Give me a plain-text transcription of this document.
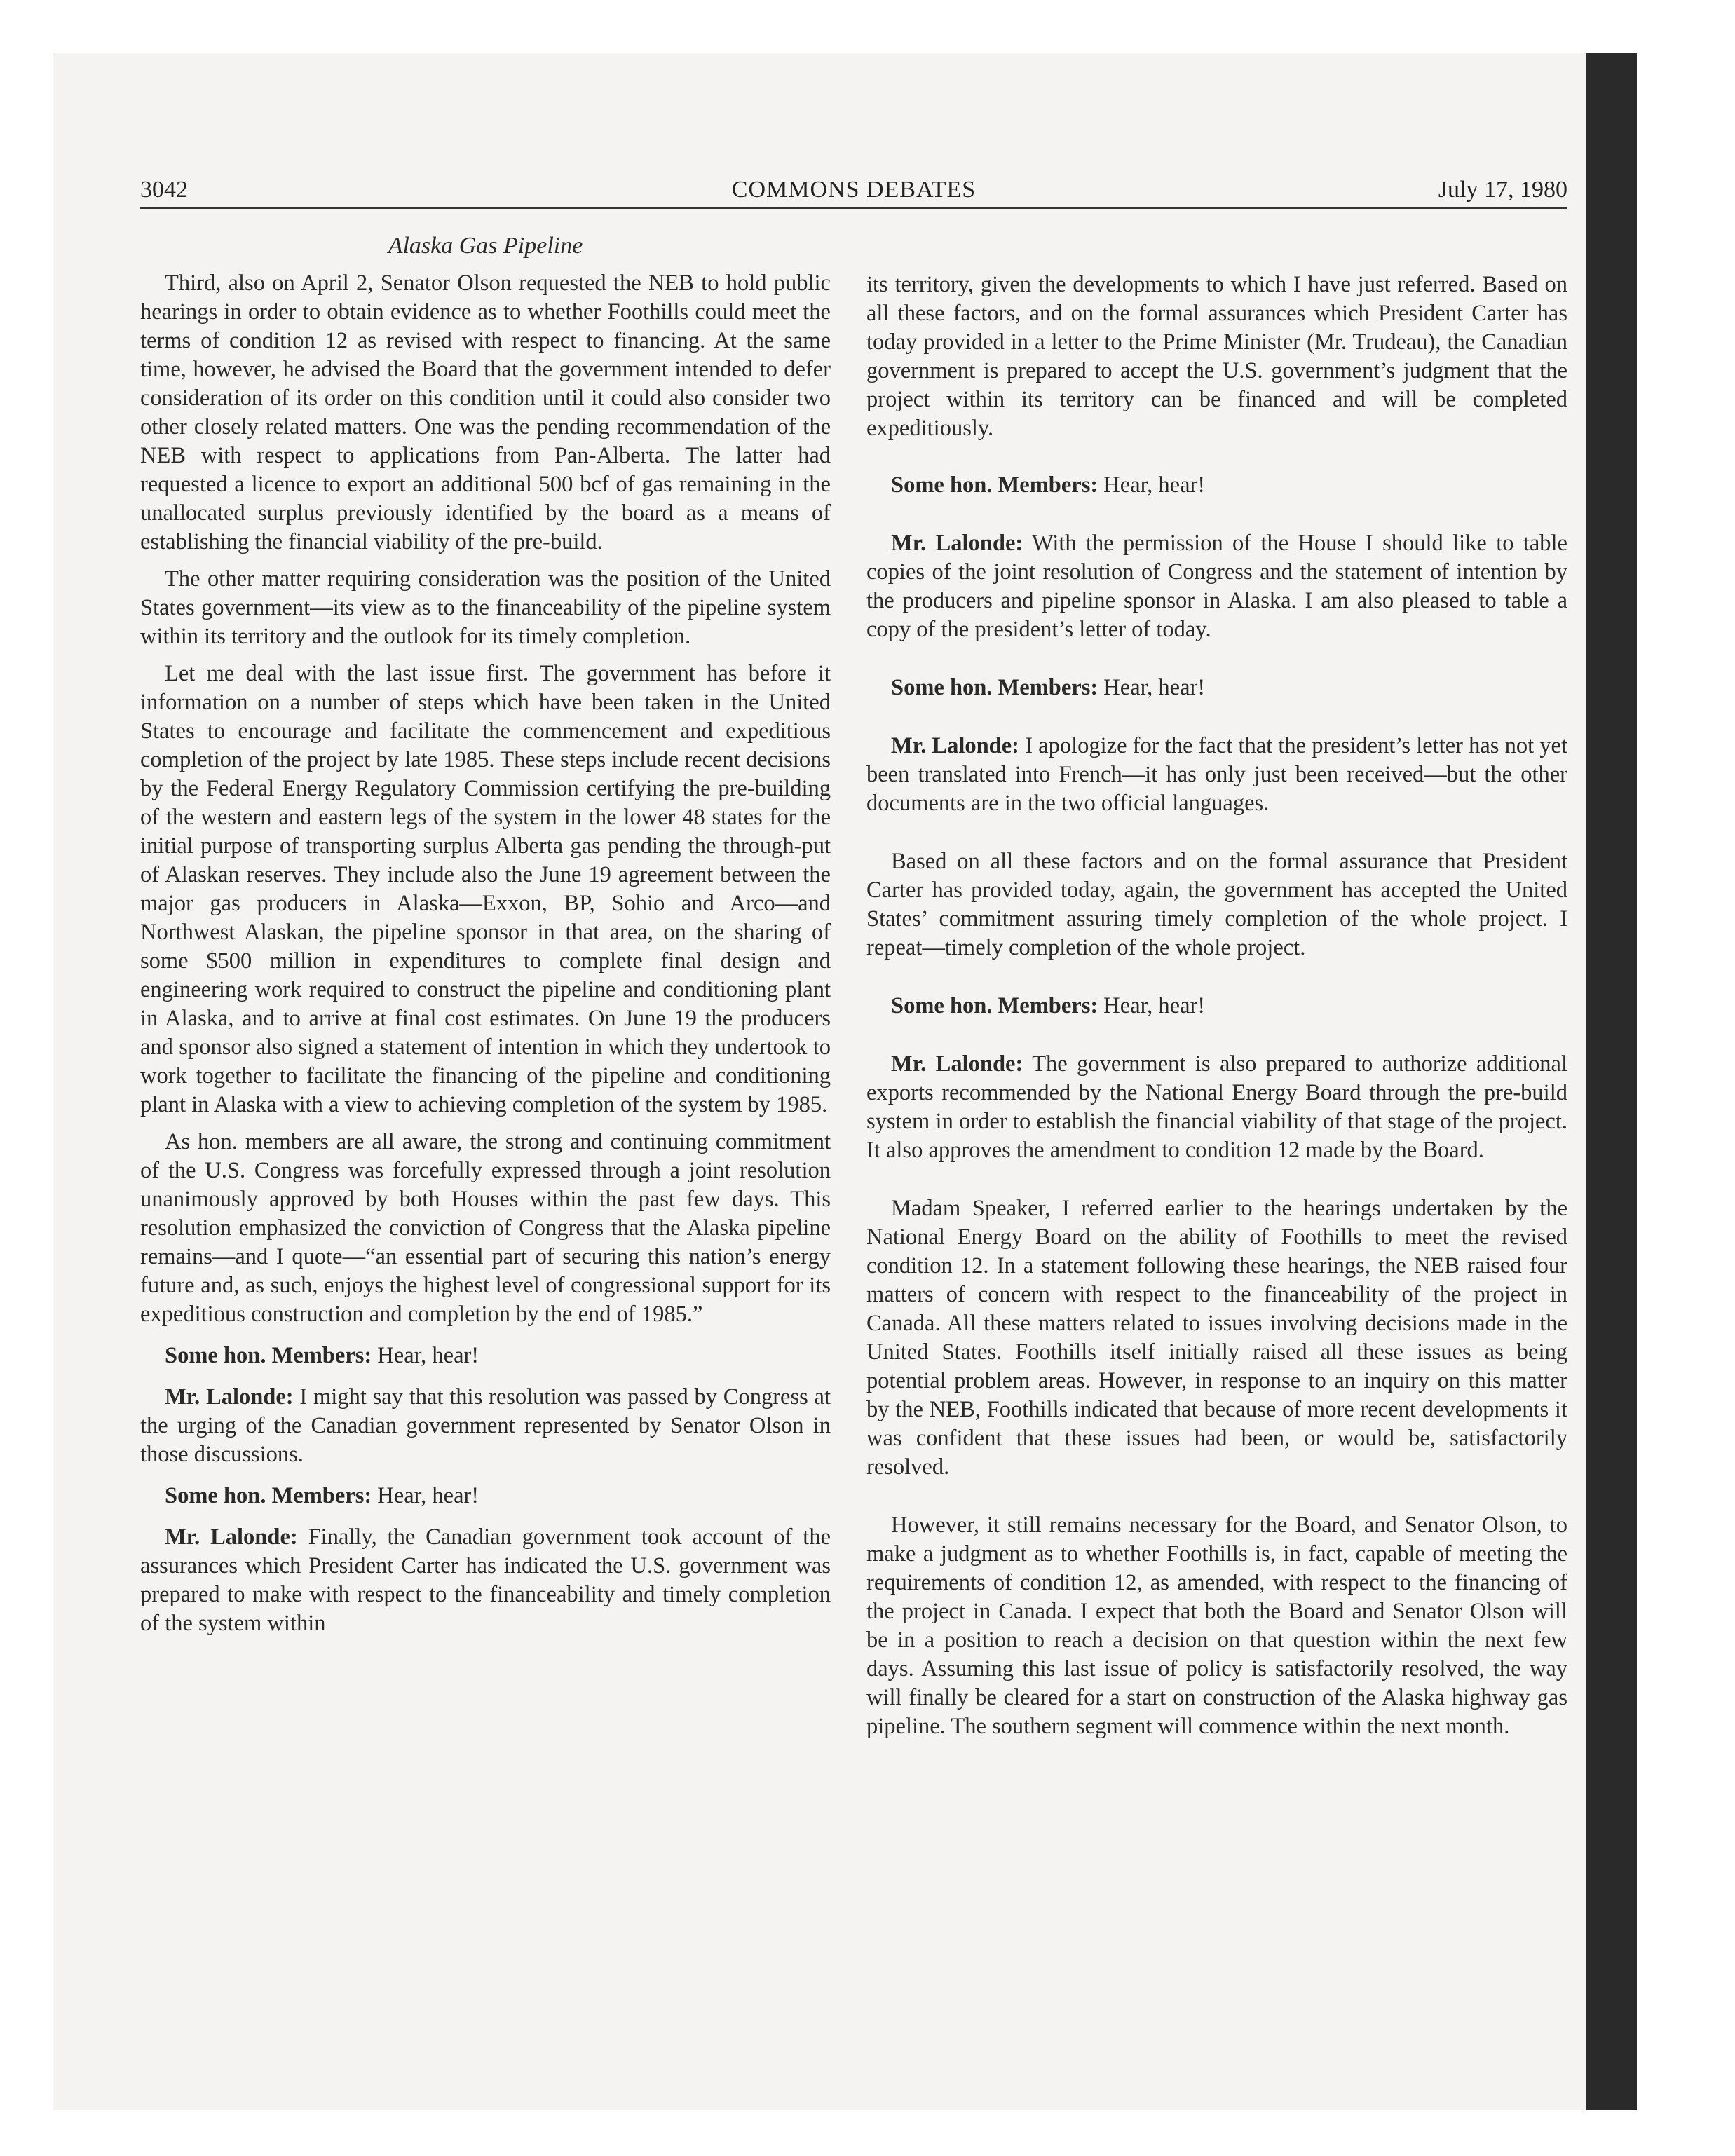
3042	COMMONS DEBATES	July 17, 1980
Alaska Gas Pipeline

Third, also on April 2, Senator Olson requested the NEB to hold public hearings in order to obtain evidence as to whether Foothills could meet the terms of condition 12 as revised with respect to financing. At the same time, however, he advised the Board that the government intended to defer consideration of its order on this condition until it could also consider two other closely related matters. One was the pending recommendation of the NEB with respect to applications from Pan-Alberta. The latter had requested a licence to export an additional 500 bcf of gas remaining in the unallocated surplus previously identified by the board as a means of establishing the financial viability of the pre-build.

The other matter requiring consideration was the position of the United States government—its view as to the financeability of the pipeline system within its territory and the outlook for its timely completion.

Let me deal with the last issue first. The government has before it information on a number of steps which have been taken in the United States to encourage and facilitate the commencement and expeditious completion of the project by late 1985. These steps include recent decisions by the Federal Energy Regulatory Commission certifying the pre-building of the western and eastern legs of the system in the lower 48 states for the initial purpose of transporting surplus Alberta gas pending the through-put of Alaskan reserves. They include also the June 19 agreement between the major gas producers in Alaska—Exxon, BP, Sohio and Arco—and Northwest Alaskan, the pipeline sponsor in that area, on the sharing of some $500 million in expenditures to complete final design and engineering work required to construct the pipeline and conditioning plant in Alaska, and to arrive at final cost estimates. On June 19 the producers and sponsor also signed a statement of intention in which they undertook to work together to facilitate the financing of the pipeline and conditioning plant in Alaska with a view to achieving completion of the system by 1985.

As hon. members are all aware, the strong and continuing commitment of the U.S. Congress was forcefully expressed through a joint resolution unanimously approved by both Houses within the past few days. This resolution emphasized the conviction of Congress that the Alaska pipeline remains—and I quote—“an essential part of securing this nation’s energy future and, as such, enjoys the highest level of congressional support for its expeditious construction and completion by the end of 1985.”

Some hon. Members: Hear, hear!

Mr. Lalonde: I might say that this resolution was passed by Congress at the urging of the Canadian government represented by Senator Olson in those discussions.

Some hon. Members: Hear, hear!

Mr. Lalonde: Finally, the Canadian government took account of the assurances which President Carter has indicated the U.S. government was prepared to make with respect to the financeability and timely completion of the system within

its territory, given the developments to which I have just referred. Based on all these factors, and on the formal assurances which President Carter has today provided in a letter to the Prime Minister (Mr. Trudeau), the Canadian government is prepared to accept the U.S. government’s judgment that the project within its territory can be financed and will be completed expeditiously.

Some hon. Members: Hear, hear!

Mr. Lalonde: With the permission of the House I should like to table copies of the joint resolution of Congress and the statement of intention by the producers and pipeline sponsor in Alaska. I am also pleased to table a copy of the president’s letter of today.

Some hon. Members: Hear, hear!

Mr. Lalonde: I apologize for the fact that the president’s letter has not yet been translated into French—it has only just been received—but the other documents are in the two official languages.

Based on all these factors and on the formal assurance that President Carter has provided today, again, the government has accepted the United States’ commitment assuring timely completion of the whole project. I repeat—timely completion of the whole project.

Some hon. Members: Hear, hear!

Mr. Lalonde: The government is also prepared to authorize additional exports recommended by the National Energy Board through the pre-build system in order to establish the financial viability of that stage of the project. It also approves the amendment to condition 12 made by the Board.

Madam Speaker, I referred earlier to the hearings undertaken by the National Energy Board on the ability of Foothills to meet the revised condition 12. In a statement following these hearings, the NEB raised four matters of concern with respect to the financeability of the project in Canada. All these matters related to issues involving decisions made in the United States. Foothills itself initially raised all these issues as being potential problem areas. However, in response to an inquiry on this matter by the NEB, Foothills indicated that because of more recent developments it was confident that these issues had been, or would be, satisfactorily resolved.

However, it still remains necessary for the Board, and Senator Olson, to make a judgment as to whether Foothills is, in fact, capable of meeting the requirements of condition 12, as amended, with respect to the financing of the project in Canada. I expect that both the Board and Senator Olson will be in a position to reach a decision on that question within the next few days. Assuming this last issue of policy is satisfactorily resolved, the way will finally be cleared for a start on construction of the Alaska highway gas pipeline. The southern segment will commence within the next month.
